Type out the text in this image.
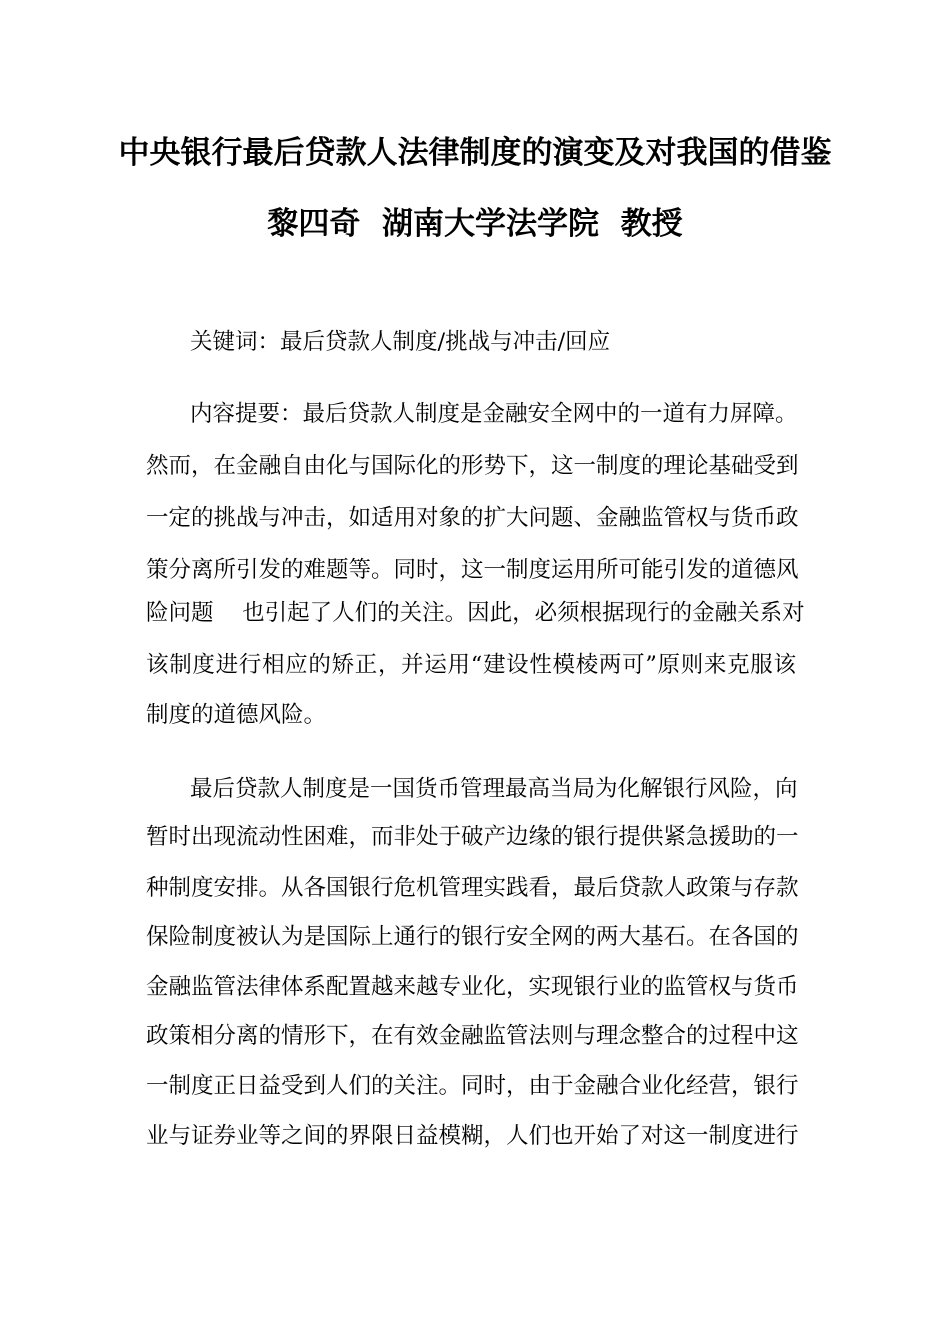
中央银行最后贷款人法律制度的演变及对我国的借鉴
黎四奇  湖南大学法学院  教授
关键词：最后贷款人制度/挑战与冲击/回应
内容提要：最后贷款人制度是金融安全网中的一道有力屏障。
然而，在金融自由化与国际化的形势下，这一制度的理论基础受到
一定的挑战与冲击，如适用对象的扩大问题、金融监管权与货币政
策分离所引发的难题等。同时，这一制度运用所可能引发的道德风
险问题    也引起了人们的关注。因此，必须根据现行的金融关系对
该制度进行相应的矫正，并运用“建设性模棱两可”原则来克服该
制度的道德风险。
最后贷款人制度是一国货币管理最高当局为化解银行风险，向
暂时出现流动性困难，而非处于破产边缘的银行提供紧急援助的一
种制度安排。从各国银行危机管理实践看，最后贷款人政策与存款
保险制度被认为是国际上通行的银行安全网的两大基石。在各国的
金融监管法律体系配置越来越专业化，实现银行业的监管权与货币
政策相分离的情形下，在有效金融监管法则与理念整合的过程中这
一制度正日益受到人们的关注。同时，由于金融合业化经营，银行
业与证券业等之间的界限日益模糊，人们也开始了对这一制度进行
